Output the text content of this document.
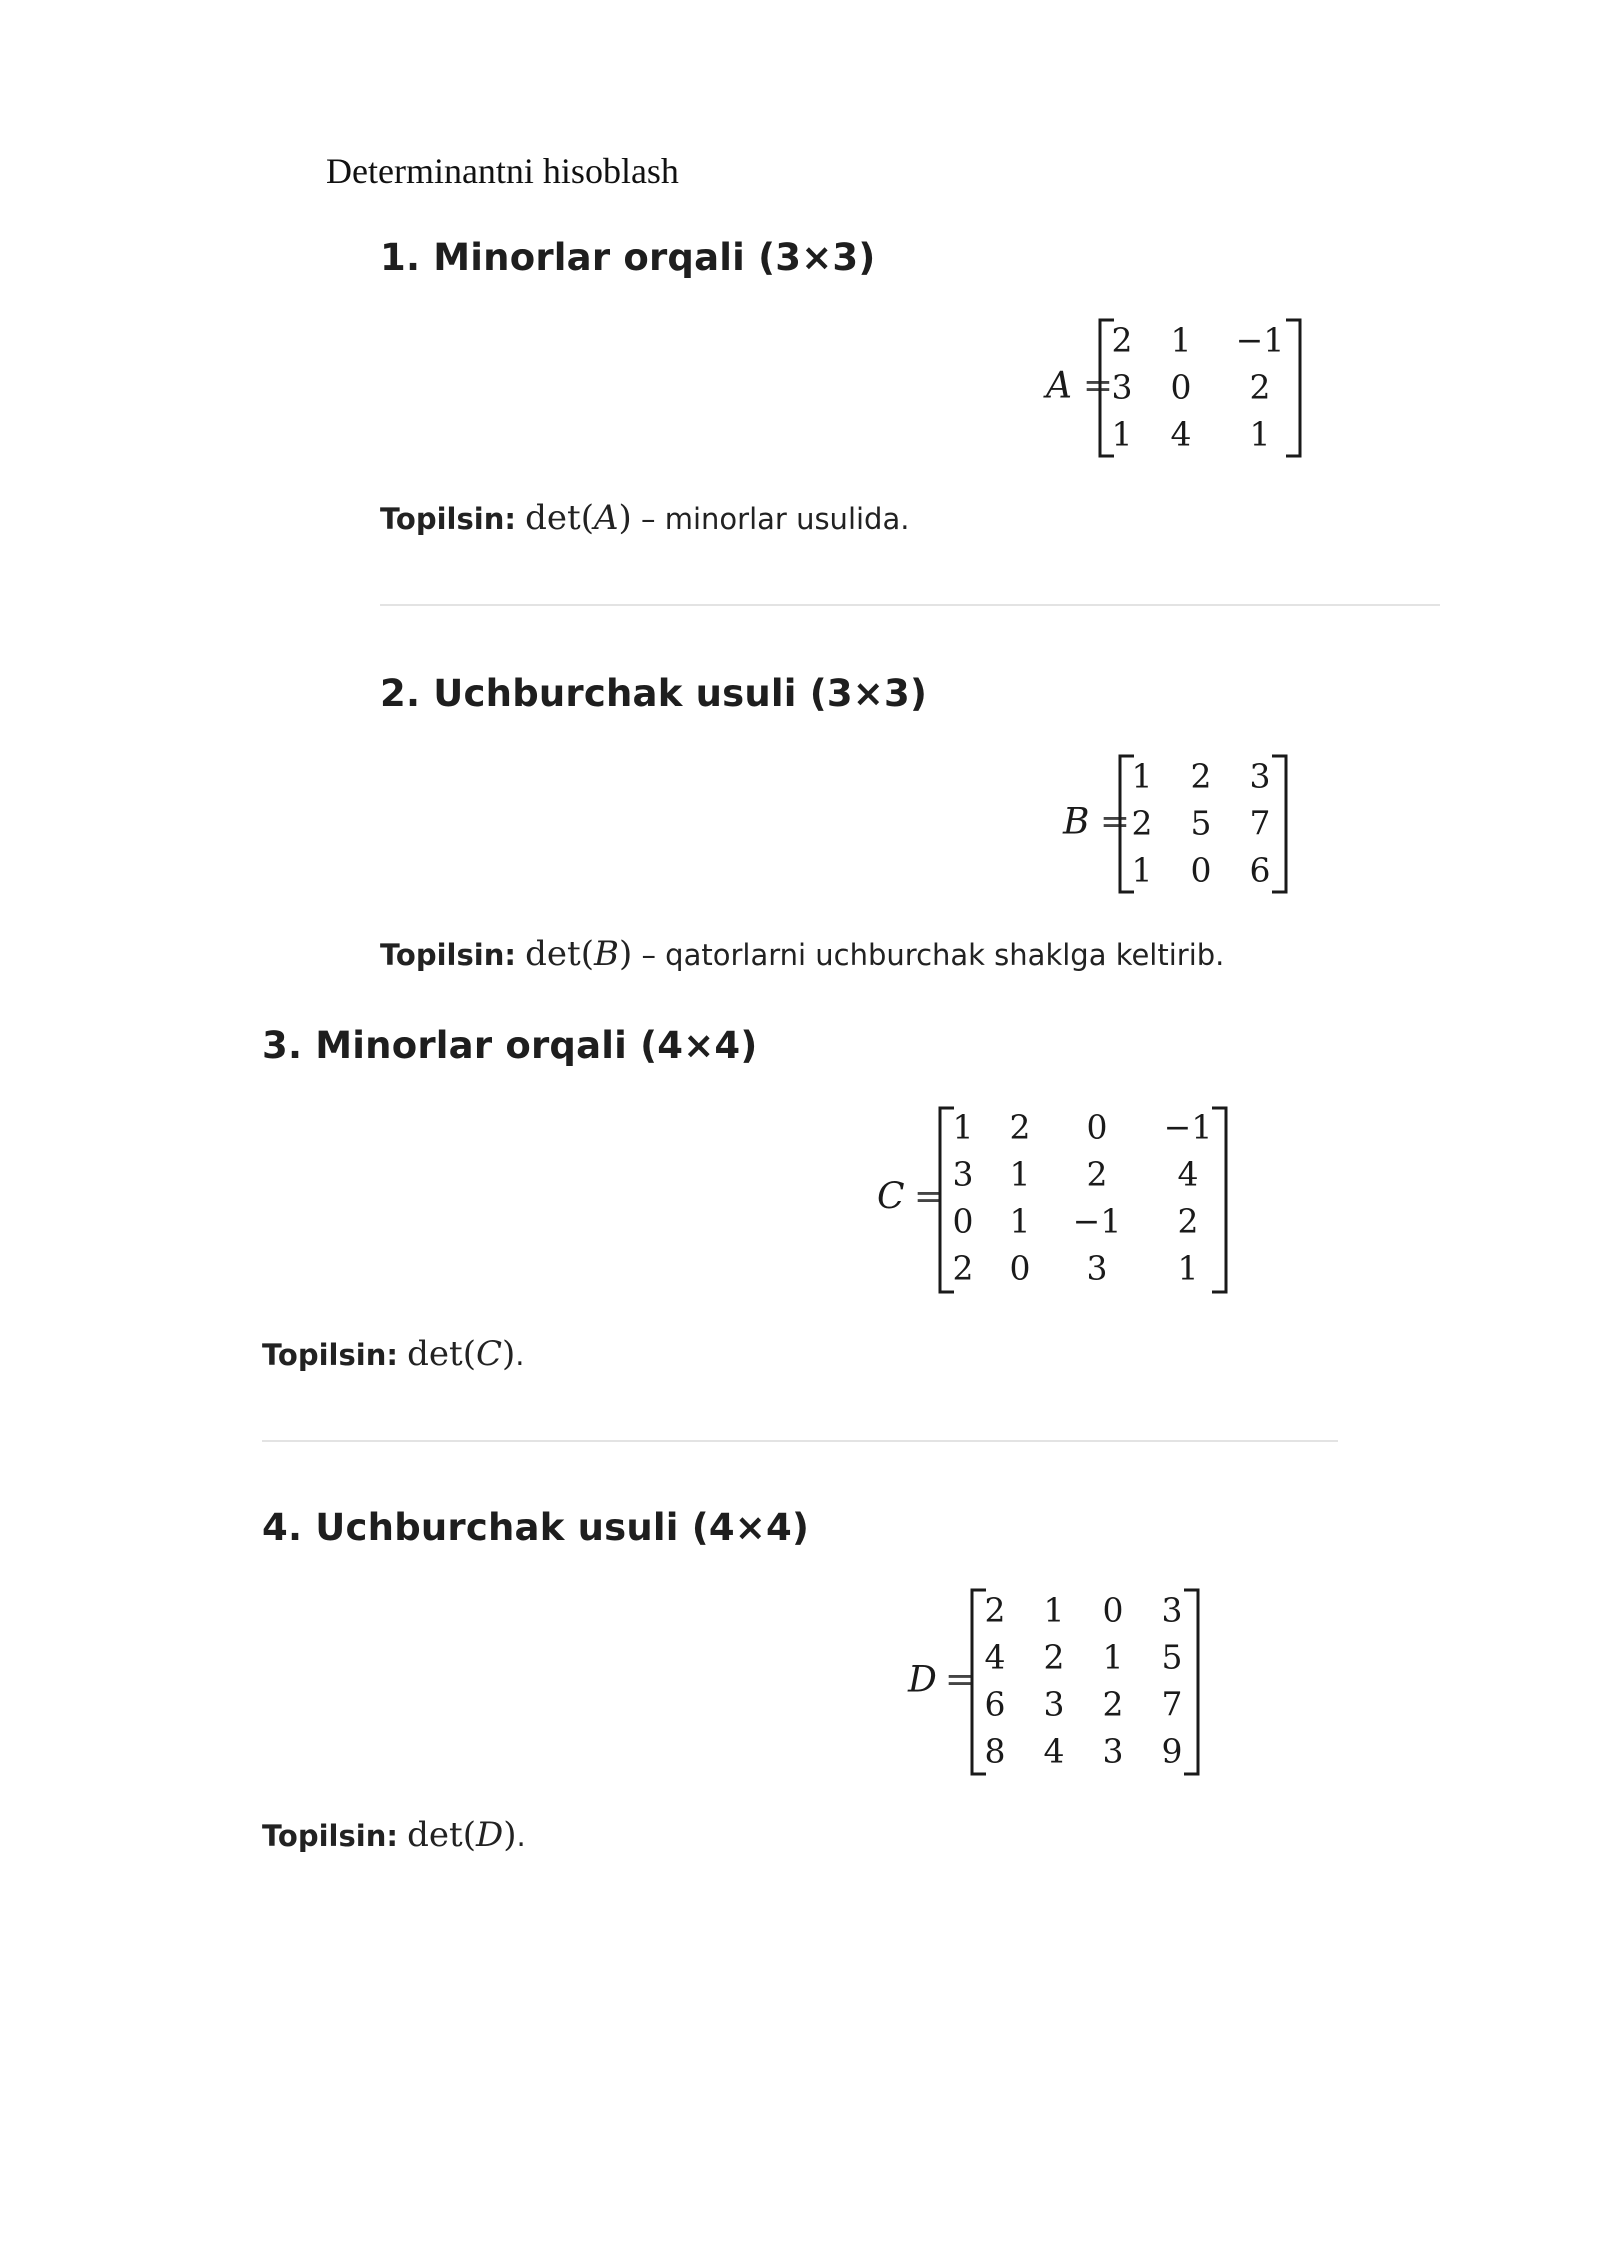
Determinantni hisoblash
1. Minorlar orqali (3×3)
A =
2 1 −1
3 0 2
1 4 1
Topilsin: det(A) – minorlar usulida.
2. Uchburchak usuli (3×3)
B =
1 2 3
2 5 7
1 0 6
Topilsin: det(B) – qatorlarni uchburchak shaklga keltirib.
3. Minorlar orqali (4×4)
C =
1 2 0 −1
3 1 2 4
0 1 −1 2
2 0 3 1
Topilsin: det(C).
4. Uchburchak usuli (4×4)
D =
2 1 0 3
4 2 1 5
6 3 2 7
8 4 3 9
Topilsin: det(D).
